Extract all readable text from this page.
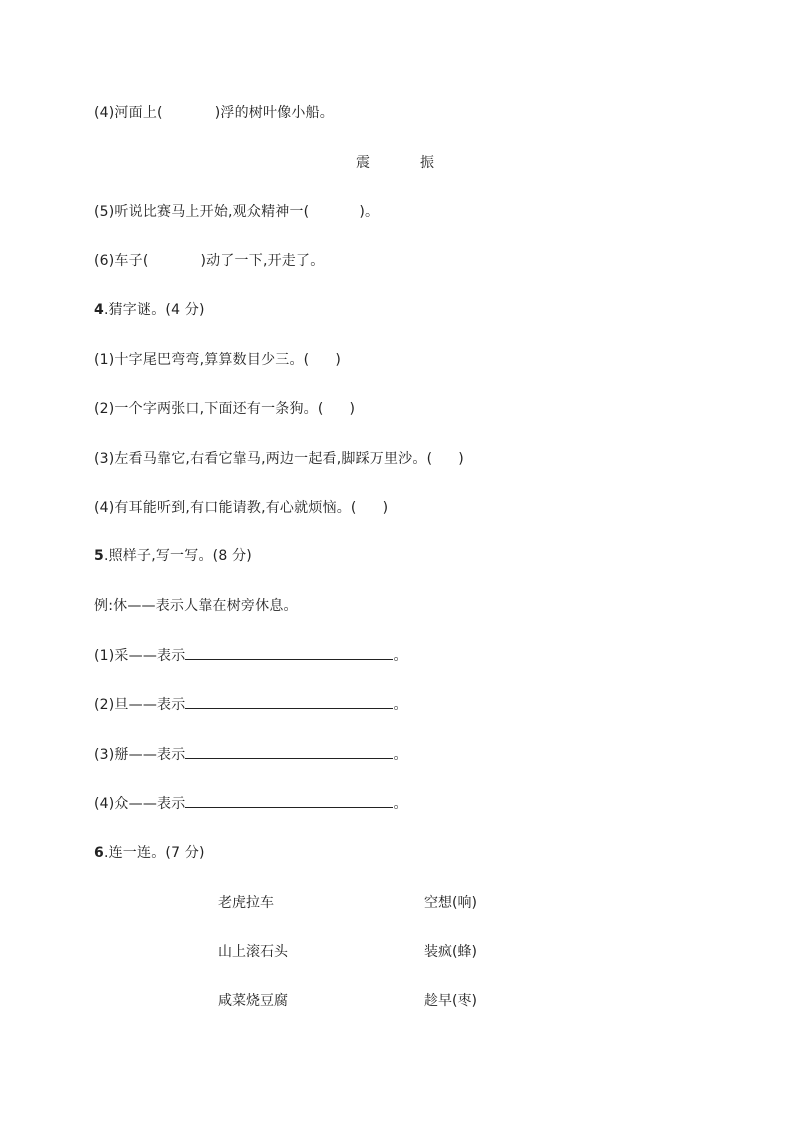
(4)河面上(	)浮的树叶像小船。
震	振
(5)听说比赛马上开始,观众精神一(	)。
(6)车子(	)动了一下,开走了。
4.猜字谜。(4 分)
(1)十字尾巴弯弯,算算数目少三。( )
(2)一个字两张口,下面还有一条狗。( )
(3)左看马靠它,右看它靠马,两边一起看,脚踩万里沙。( )
(4)有耳能听到,有口能请教,有心就烦恼。( )
5.照样子,写一写。(8 分)
例:休——表示人靠在树旁休息。
(1)采——表示	。
(2)旦——表示	。
(3)掰——表示	。
(4)众——表示	。
6.连一连。(7 分)
老虎拉车	空想(响)
山上滚石头	装疯(蜂)
咸菜烧豆腐	趁早(枣)
